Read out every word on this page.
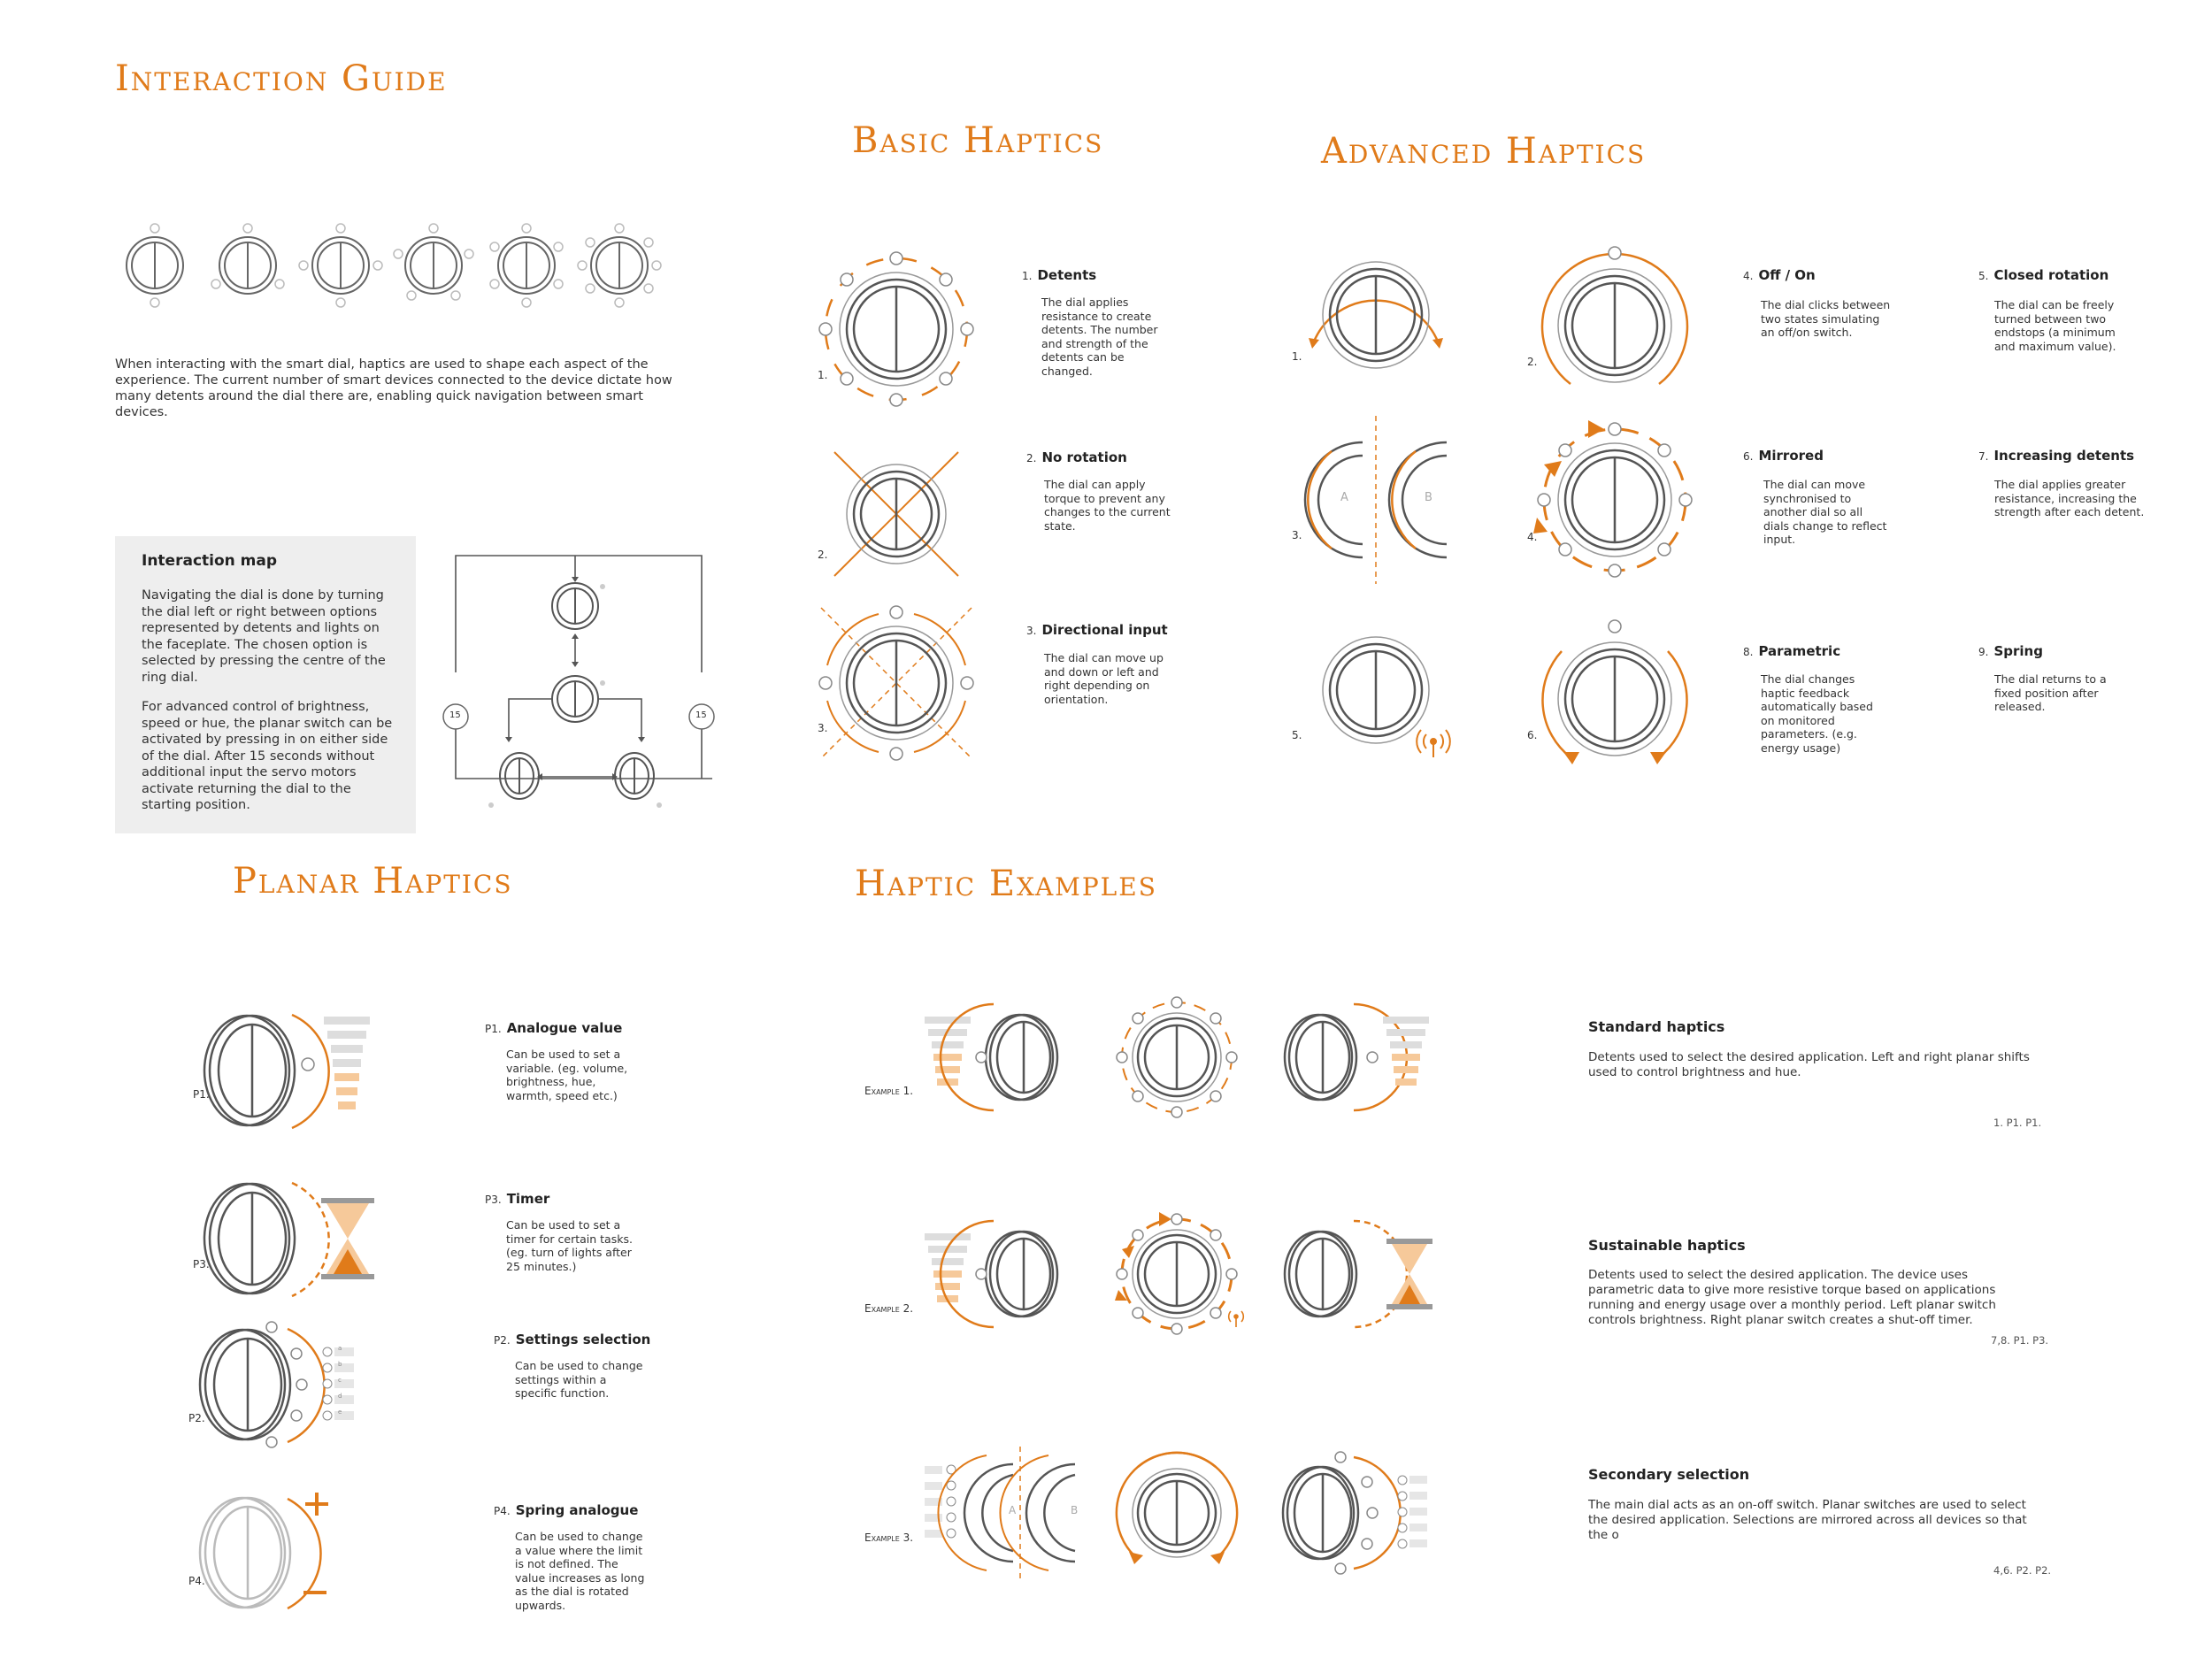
Interaction Guide
Basic Haptics	Advanced Haptics
Planar Haptics	Haptic Examples
When interacting with the smart dial, haptics are used to shape each aspect of the experience. The current number of smart devices connected to the device dictate how many detents around the dial there are, enabling quick navigation between smart devices.
Interaction map
Navigating the dial is done by turning the dial left or right between options represented by detents and lights on the faceplate. The chosen option is selected by pressing the centre of the ring dial.
For advanced control of brightness, speed or hue, the planar switch can be activated by pressing in on either side of the dial. After 15 seconds without additional input the servo motors activate returning the dial to the starting position.
15	15
1.
1. Detents
The dial applies resistance to create detents. The number and strength of the detents can be changed.
2.
2. No rotation
The dial can apply torque to prevent any changes to the current state.
3.
3. Directional input
The dial can move up and down or left and right depending on orientation.
1.	2.
A	B
3.	4.
5.	6.
4. Off / On
The dial clicks between two states simulating an off/on switch.
5. Closed rotation
The dial can be freely turned between two endstops (a minimum and maximum value).
6. Mirrored
The dial can move synchronised to another dial so all dials change to reflect input.
7. Increasing detents
The dial applies greater resistance, increasing the strength after each detent.
8. Parametric
The dial changes haptic feedback automatically based on monitored parameters. (e.g. energy usage)
9. Spring
The dial returns to a fixed position after released.
P1.
P1. Analogue value
Can be used to set a variable. (eg. volume, brightness, hue, warmth, speed etc.)
P3.
P3. Timer
Can be used to set a timer for certain tasks. (eg. turn of lights after 25 minutes.)
a
b
c
d
e
P2.
P2. Settings selection
Can be used to change settings within a specific function.
P4.
P4. Spring analogue
Can be used to change a value where the limit is not defined. The value increases as long as the dial is rotated upwards.
Example 1.
Example 2.
A	B
Example 3.
Standard haptics
Detents used to select the desired application. Left and right planar shifts used to control brightness and hue.
1. P1. P1.
Sustainable haptics
Detents used to select the desired application. The device uses parametric data to give more resistive torque based on applications running and energy usage over a monthly period. Left planar switch controls brightness. Right planar switch creates a shut-off timer.
7,8. P1. P3.
Secondary selection
The main dial acts as an on-off switch. Planar switches are used to select the desired application. Selections are mirrored across all devices so that the o
4,6. P2. P2.
